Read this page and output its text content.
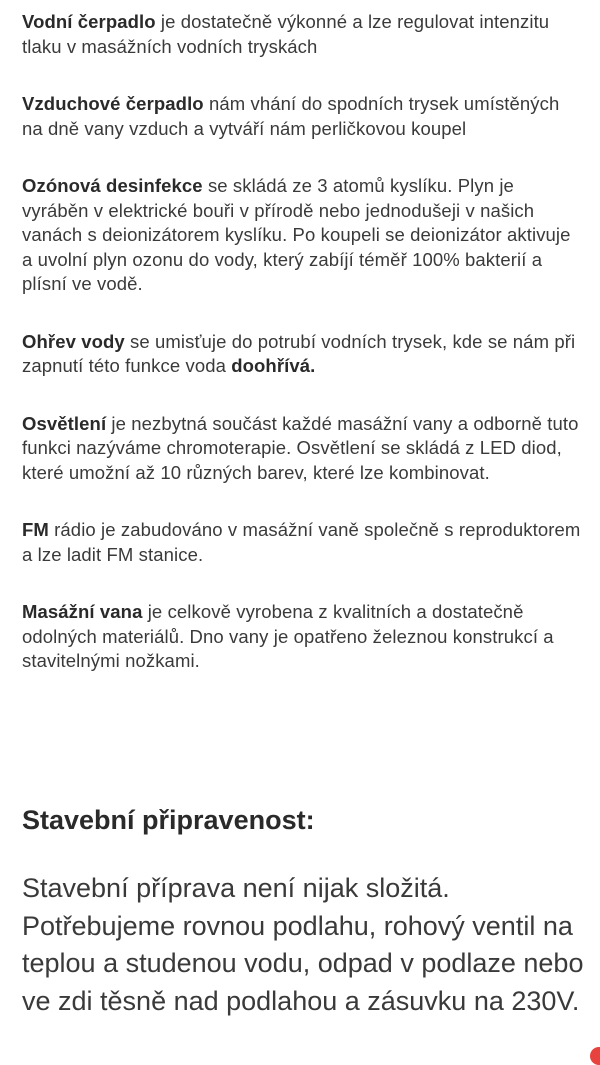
Vodní čerpadlo je dostatečně výkonné a lze regulovat intenzitu tlaku v masážních vodních tryskách

Vzduchové čerpadlo nám vhání do spodních trysek umístěných na dně vany vzduch a vytváří nám perličkovou koupel

Ozónová desinfekce se skládá ze 3 atomů kyslíku. Plyn je vyráběn v elektrické bouři v přírodě nebo jednodušeji v našich vanách s deionizátorem kyslíku. Po koupeli se deionizátor aktivuje a uvolní plyn ozonu do vody, který zabíjí téměř 100% bakterií a plísní ve vodě.

Ohřev vody se umisťuje do potrubí vodních trysek, kde se nám při zapnutí této funkce voda doohřívá.

Osvětlení je nezbytná součást každé masážní vany a odborně tuto funkci nazýváme chromoterapie. Osvětlení se skládá z LED diod, které umožní až 10 různých barev, které lze kombinovat.

FM rádio je zabudováno v masážní vaně společně s reproduktorem a lze ladit FM stanice.

Masážní vana je celkově vyrobena z kvalitních a dostatečně odolných materiálů. Dno vany je opatřeno železnou konstrukcí a stavitelnými nožkami.

Stavební připravenost:

Stavební příprava není nijak složitá. Potřebujeme rovnou podlahu, rohový ventil na teplou a studenou vodu, odpad v podlaze nebo ve zdi těsně nad podlahou a zásuvku na 230V.
